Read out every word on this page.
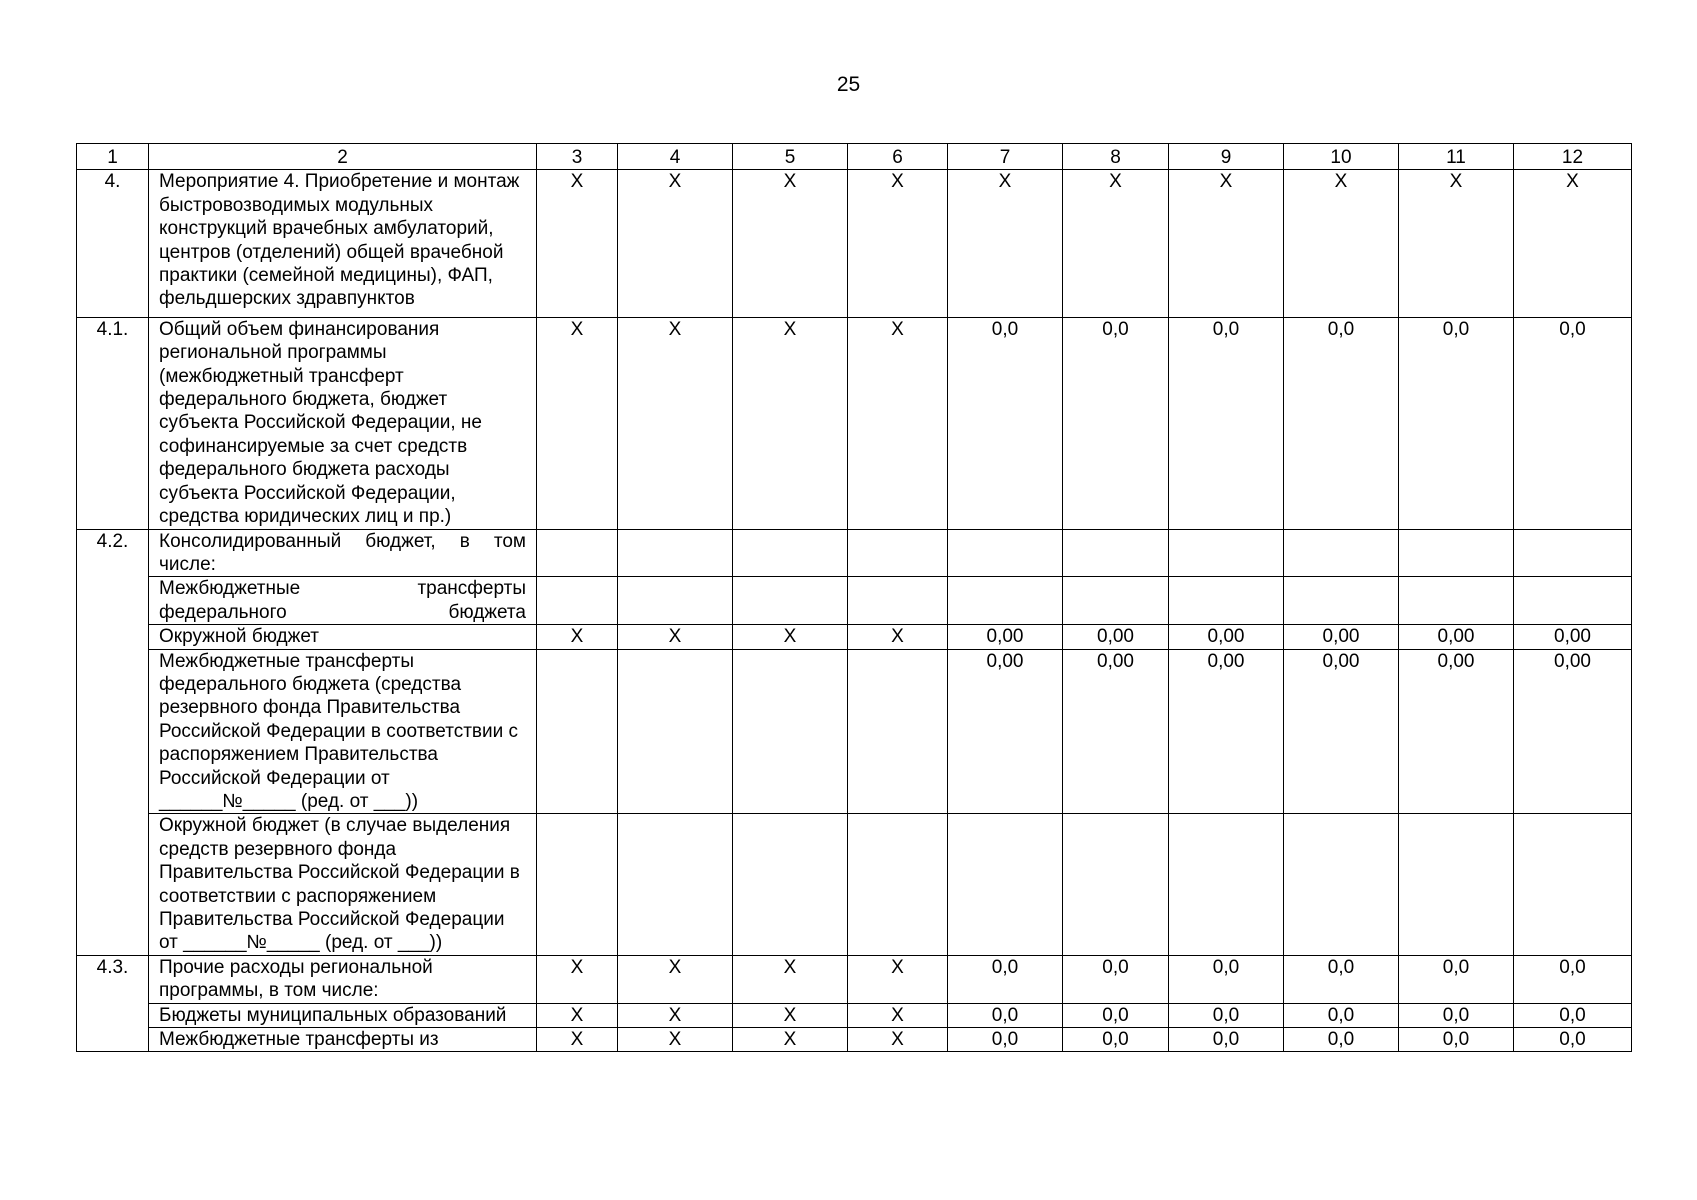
25
1	2	3	4	5	6	7	8	9	10	11	12
4.	Мероприятие 4. Приобретение и монтаж быстровозводимых модульных конструкций врачебных амбулаторий, центров (отделений) общей врачебной практики (семейной медицины), ФАП, фельдшерских здравпунктов	Х	Х	Х	Х	Х	Х	Х	Х	Х	Х
4.1.	Общий объем финансирования региональной программы (межбюджетный трансферт федерального бюджета, бюджет субъекта Российской Федерации, не софинансируемые за счет средств федерального бюджета расходы субъекта Российской Федерации, средства юридических лиц и пр.)	Х	Х	Х	Х	0,0	0,0	0,0	0,0	0,0	0,0
4.2.	Консолидированный бюджет, в том числе:										
	Межбюджетные трансферты федерального бюджета										
	Окружной бюджет	Х	Х	Х	Х	0,00	0,00	0,00	0,00	0,00	0,00
	Межбюджетные трансферты федерального бюджета (средства резервного фонда Правительства Российской Федерации в соответствии с распоряжением Правительства Российской Федерации от ______№_____ (ред. от ___))					0,00	0,00	0,00	0,00	0,00	0,00
	Окружной бюджет (в случае выделения средств резервного фонда Правительства Российской Федерации в соответствии с распоряжением Правительства Российской Федерации от ______№_____ (ред. от ___))										
4.3.	Прочие расходы региональной программы, в том числе:	Х	Х	Х	Х	0,0	0,0	0,0	0,0	0,0	0,0
	Бюджеты муниципальных образований	Х	Х	Х	Х	0,0	0,0	0,0	0,0	0,0	0,0
	Межбюджетные трансферты из	Х	Х	Х	Х	0,0	0,0	0,0	0,0	0,0	0,0
